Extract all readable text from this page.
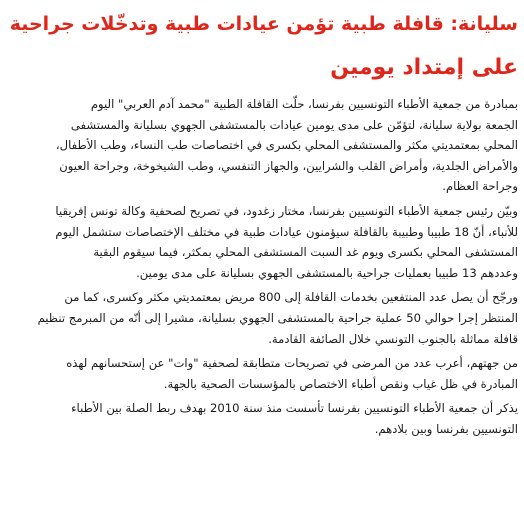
سليانة: قافلة طبية تؤمن عيادات طبية وتدخّلات جراحية
على إمتداد يومين

بمبادرة من جمعية الأطباء التونسيين بفرنسا، حلّت القافلة الطبية "محمد آدم العربي" اليوم
الجمعة بولاية سليانة، لتؤمّن على مدى يومين عيادات بالمستشفى الجهوي بسليانة والمستشفى
المحلي بمعتمديتي مكثر والمستشفى المحلي بكسرى في اختصاصات طب النساء، وطب الأطفال،
والأمراض الجلدية، وأمراض القلب والشرايين، والجهاز التنفسي، وطب الشيخوخة، وجراحة العيون
وجراحة العظام.

وبيّن رئيس جمعية الأطباء التونسيين بفرنسا، مختار زغدود، في تصريح لصحفية وكالة تونس إفريقيا
للأنباء، أنّ 18 طبيبا وطبيبة بالقافلة سيؤمنون عيادات طبية في مختلف الإختصاصات ستشمل اليوم
المستشفى المحلي بكسرى ويوم غد السبت المستشفى المحلي بمكثر، فيما سيقوم البقية
وعددهم 13 طبيبا بعمليات جراحية بالمستشفى الجهوي بسليانة على مدى يومين.

ورجّح أن يصل عدد المنتفعين بخدمات القافلة إلى 800 مريض بمعتمديتي مكثر وكسرى، كما من
المنتظر إجرا حوالي 50 عملية جراحية بالمستشفى الجهوي بسليانة، مشيرا إلى أنّه من المبرمج تنظيم
قافلة مماثلة بالجنوب التونسي خلال الصائفة القادمة.

من جهتهم، أعرب عدد من المرضى في تصريحات متطابقة لصحفية "وات" عن إستحسانهم لهذه
المبادرة في ظل غياب ونقص أطباء الاختصاص بالمؤسسات الصحية بالجهة.

يذكر أن جمعية الأطباء التونسيين بفرنسا تأسست منذ سنة 2010 بهدف ربط الصلة بين الأطباء
التونسيين بفرنسا وبين بلادهم.
